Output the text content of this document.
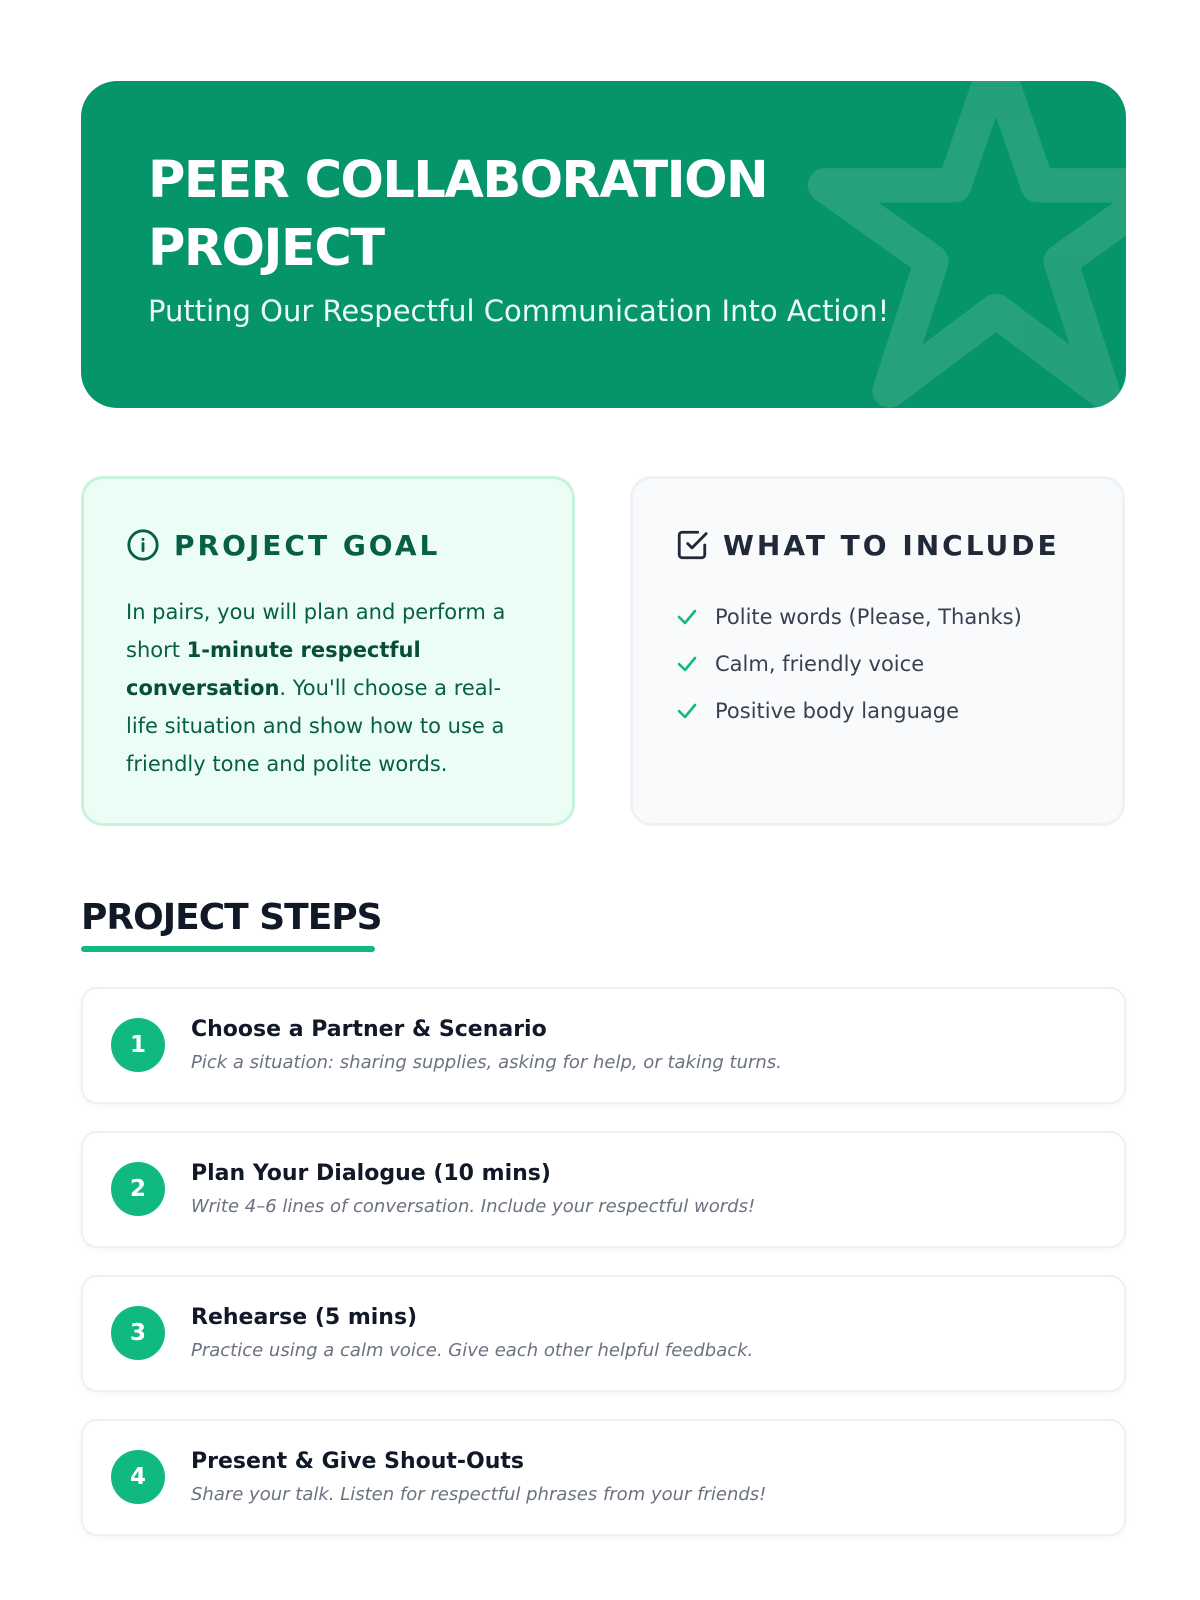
PEER COLLABORATION PROJECT
Putting Our Respectful Communication Into Action!
PROJECT GOAL

In pairs, you will plan and perform a short 1-minute respectful conversation. You'll choose a real-life situation and show how to use a friendly tone and polite words.

WHAT TO INCLUDE
Polite words (Please, Thanks)
Calm, friendly voice
Positive body language
PROJECT STEPS
1
Choose a Partner & Scenario
Pick a situation: sharing supplies, asking for help, or taking turns.
2
Plan Your Dialogue (10 mins)
Write 4–6 lines of conversation. Include your respectful words!
3
Rehearse (5 mins)
Practice using a calm voice. Give each other helpful feedback.
4
Present & Give Shout-Outs
Share your talk. Listen for respectful phrases from your friends!
